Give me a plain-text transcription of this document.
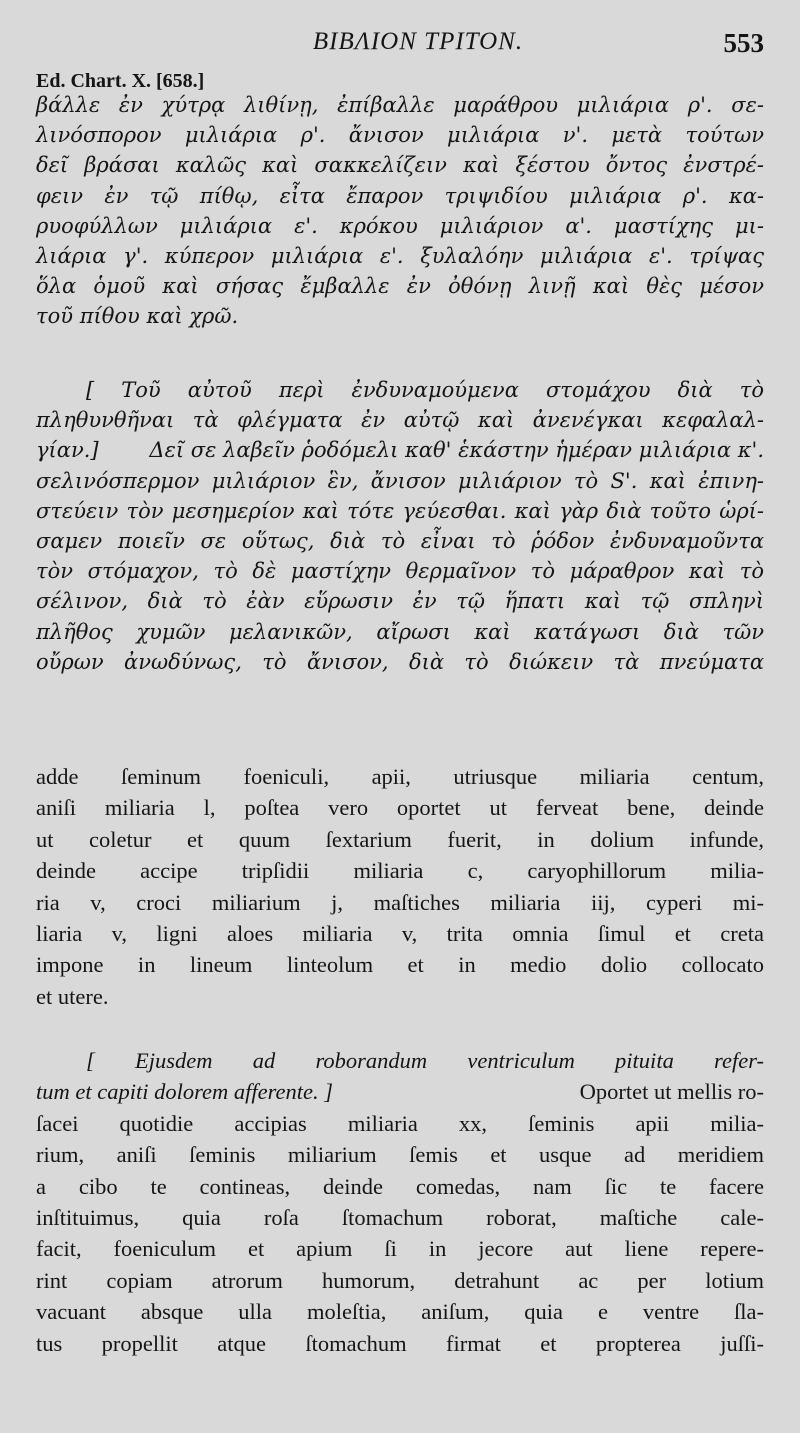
ΒΙΒΛΙΟΝ ΤΡΙΤΟΝ.	553
Ed. Chart. X. [658.]
βάλλε ἐν χύτρᾳ λιθίνῃ, ἐπίβαλλε μαράθρου μιλιάρια ρ'. σε-
λινόσπορον μιλιάρια ρ'. ἄνισον μιλιάρια ν'. μετὰ τούτων
δεῖ βράσαι καλῶς καὶ σακκελίζειν καὶ ξέστου ὄντος ἐνστρέ-
φειν ἐν τῷ πίθῳ, εἶτα ἔπαρον τριψιδίου μιλιάρια ρ'. κα-
ρυοφύλλων μιλιάρια ε'. κρόκου μιλιάριον α'. μαστίχης μι-
λιάρια γ'. κύπερον μιλιάρια ε'. ξυλαλόην μιλιάρια ε'. τρίψας
ὅλα ὁμοῦ καὶ σήσας ἔμβαλλε ἐν ὀθόνῃ λινῇ καὶ θὲς μέσον
τοῦ πίθου καὶ χρῶ.
[ Τοῦ αὐτοῦ περὶ ἐνδυναμούμενα στομάχου διὰ τὸ
πληθυνθῆναι τὰ φλέγματα ἐν αὐτῷ καὶ ἀνενέγκαι κεφαλαλ-
γίαν.] Δεῖ σε λαβεῖν ῥοδόμελι καθ' ἑκάστην ἡμέραν μιλιάρια κ'.
σελινόσπερμον μιλιάριον ἓν, ἄνισον μιλιάριον τὸ S'. καὶ ἐπινη-
στεύειν τὸν μεσημερίον καὶ τότε γεύεσθαι. καὶ γὰρ διὰ τοῦτο ὡρί-
σαμεν ποιεῖν σε οὕτως, διὰ τὸ εἶναι τὸ ῥόδον ἐνδυναμοῦντα
τὸν στόμαχον, τὸ δὲ μαστίχην θερμαῖνον τὸ μάραθρον καὶ τὸ
σέλινον, διὰ τὸ ἐὰν εὕρωσιν ἐν τῷ ἥπατι καὶ τῷ σπληνὶ
πλῆθος χυμῶν μελανικῶν, αἴρωσι καὶ κατάγωσι διὰ τῶν
οὔρων ἀνωδύνως, τὸ ἄνισον, διὰ τὸ διώκειν τὰ πνεύματα
adde ſeminum foeniculi, apii, utriusque miliaria centum,
aniſi miliaria l, poſtea vero oportet ut ferveat bene, deinde
ut coletur et quum ſextarium fuerit, in dolium infunde,
deinde accipe tripſidii miliaria c, caryophillorum milia-
ria v, croci miliarium j, maſtiches miliaria iij, cyperi mi-
liaria v, ligni aloes miliaria v, trita omnia ſimul et creta
impone in lineum linteolum et in medio dolio collocato
et utere.
[ Ejusdem ad roborandum ventriculum pituita refer-
tum et capiti dolorem afferente. ]	Oportet ut mellis ro-
ſacei quotidie accipias miliaria xx, ſeminis apii milia-
rium, aniſi ſeminis miliarium ſemis et usque ad meridiem
a cibo te contineas, deinde comedas, nam ſic te facere
inſtituimus, quia roſa ſtomachum roborat, maſtiche cale-
facit, foeniculum et apium ſi in jecore aut liene repere-
rint copiam atrorum humorum, detrahunt ac per lotium
vacuant absque ulla moleſtia, aniſum, quia e ventre ſla-
tus propellit atque ſtomachum firmat et propterea juſſi-
